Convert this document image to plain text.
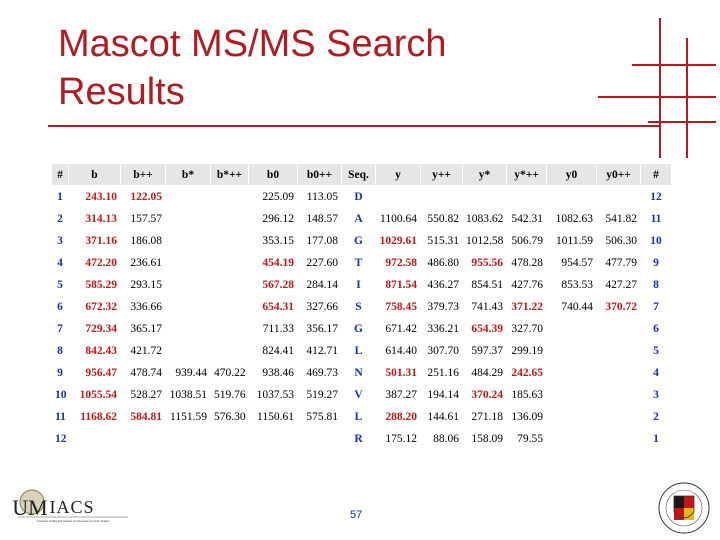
Mascot MS/MS Search
Results
#	b	b++	b*	b*++	b0	b0++	Seq.	y	y++	y*	y*++	y0	y0++	#
1	243.10	122.05			225.09	113.05	D							12
2	314.13	157.57			296.12	148.57	A	1100.64	550.82	1083.62	542.31	1082.63	541.82	11
3	371.16	186.08			353.15	177.08	G	1029.61	515.31	1012.58	506.79	1011.59	506.30	10
4	472.20	236.61			454.19	227.60	T	972.58	486.80	955.56	478.28	954.57	477.79	9
5	585.29	293.15			567.28	284.14	I	871.54	436.27	854.51	427.76	853.53	427.27	8
6	672.32	336.66			654.31	327.66	S	758.45	379.73	741.43	371.22	740.44	370.72	7
7	729.34	365.17			711.33	356.17	G	671.42	336.21	654.39	327.70			6
8	842.43	421.72			824.41	412.71	L	614.40	307.70	597.37	299.19			5
9	956.47	478.74	939.44	470.22	938.46	469.73	N	501.31	251.16	484.29	242.65			4
10	1055.54	528.27	1038.51	519.76	1037.53	519.27	V	387.27	194.14	370.24	185.63			3
11	1168.62	584.81	1151.59	576.30	1150.61	575.81	L	288.20	144.61	271.18	136.09			2
12							R	175.12	88.06	158.09	79.55			1
57
UM IACS
University of Maryland Institute for Advanced Computer Studies
